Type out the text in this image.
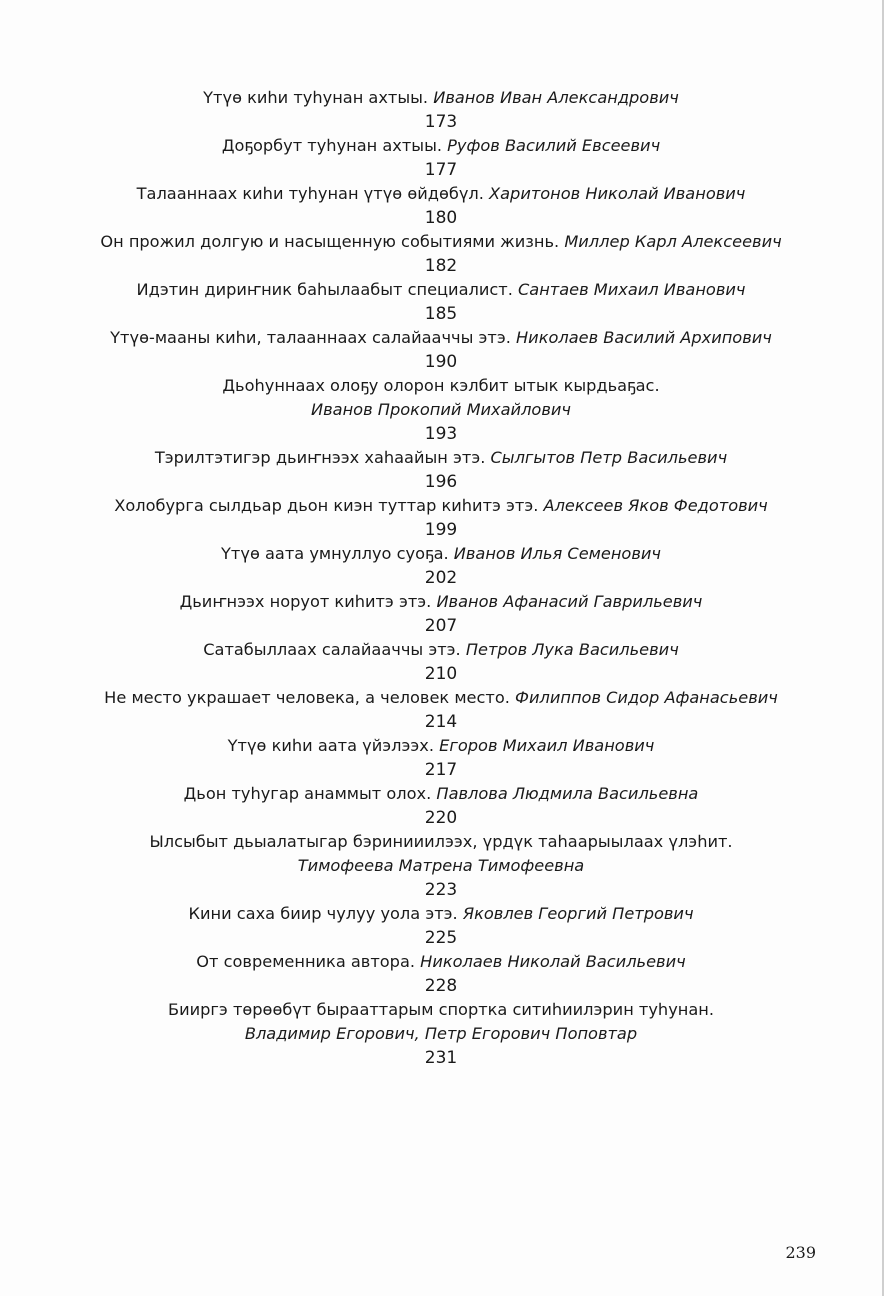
Үтүө киһи туһунан ахтыы. Иванов Иван Александрович
173
Доҕорбут туһунан ахтыы. Руфов Василий Евсеевич
177
Талааннаах киһи туһунан үтүө өйдөбүл. Харитонов Николай Иванович
180
Он прожил долгую и насыщенную событиями жизнь. Миллер Карл Алексеевич
182
Идэтин дириҥник баһылаабыт специалист. Сантаев Михаил Иванович
185
Үтүө-мааны киһи, талааннаах салайааччы этэ. Николаев Василий Архипович
190
Дьоһуннаах олоҕу олорон кэлбит ытык кырдьаҕас.
Иванов Прокопий Михайлович
193
Тэрилтэтигэр дьиҥнээх хаһаайын этэ. Сылгытов Петр Васильевич
196
Холобурга сылдьар дьон киэн туттар киһитэ этэ. Алексеев Яков Федотович
199
Үтүө аата умнуллуо суоҕа. Иванов Илья Семенович
202
Дьиҥнээх норуот киһитэ этэ. Иванов Афанасий Гаврильевич
207
Сатабыллаах салайааччы этэ. Петров Лука Васильевич
210
Не место украшает человека, а человек место. Филиппов Сидор Афанасьевич
214
Үтүө киһи аата үйэлээх. Егоров Михаил Иванович
217
Дьон туһугар анаммыт олох. Павлова Людмила Васильевна
220
Ылсыбыт дьыалатыгар бэринииилээх, үрдүк таһаарыылаах үлэһит.
Тимофеева Матрена Тимофеевна
223
Кини саха биир чулуу уола этэ. Яковлев Георгий Петрович
225
От современника автора. Николаев Николай Васильевич
228
Бииргэ төрөөбүт бырааттарым спортка ситиһиилэрин туһунан.
Владимир Егорович, Петр Егорович Поповтар
231
239
